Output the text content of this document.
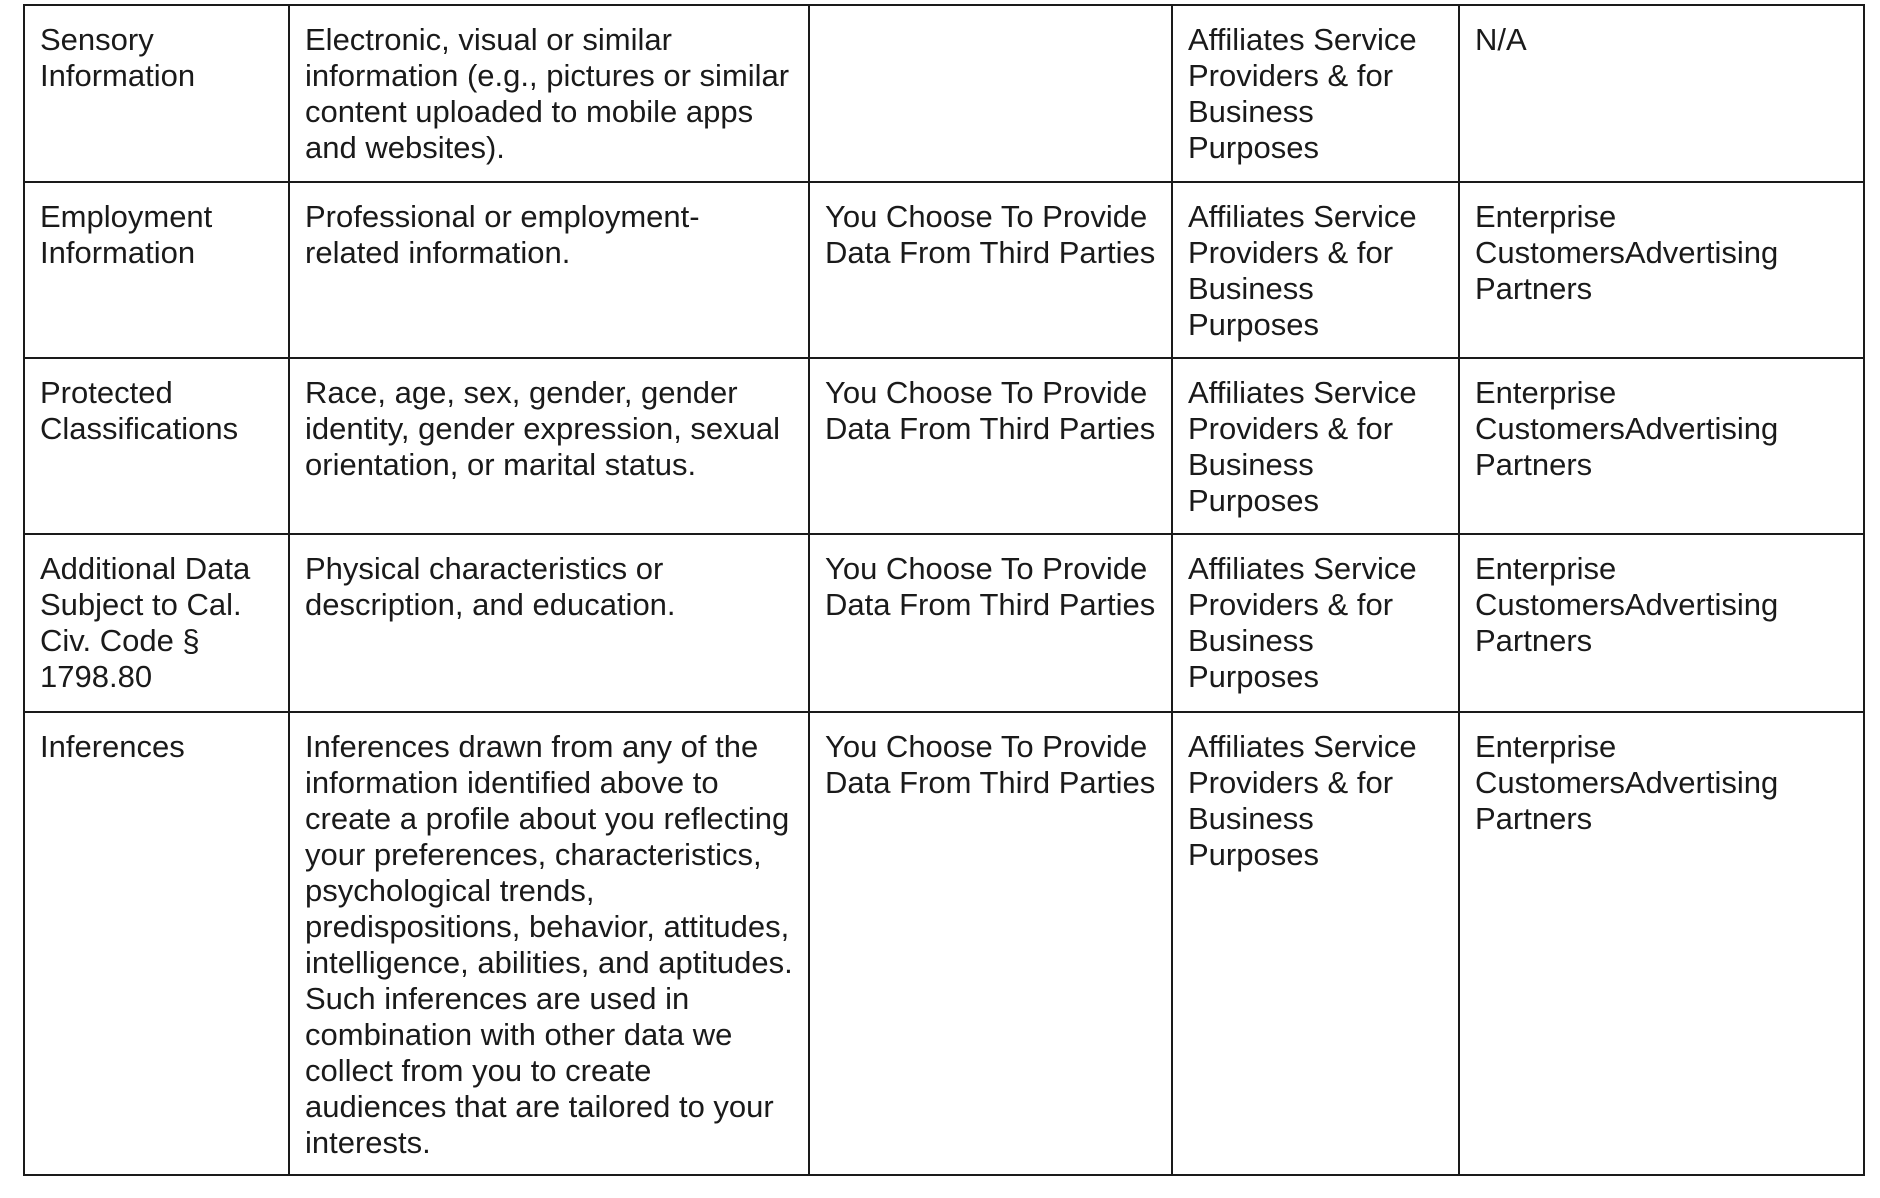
Sensory Information	Electronic, visual or similar information (e.g., pictures or similar content uploaded to mobile apps and websites).		Affiliates Service Providers & for Business Purposes	N/A

Employment Information	Professional or employment-related information.	You Choose To Provide Data From Third Parties	Affiliates Service Providers & for Business Purposes	Enterprise CustomersAdvertising Partners

Protected Classifications	Race, age, sex, gender, gender identity, gender expression, sexual orientation, or marital status.	You Choose To Provide Data From Third Parties	Affiliates Service Providers & for Business Purposes	Enterprise CustomersAdvertising Partners

Additional Data Subject to Cal. Civ. Code § 1798.80	Physical characteristics or description, and education.	You Choose To Provide Data From Third Parties	Affiliates Service Providers & for Business Purposes	Enterprise CustomersAdvertising Partners

Inferences	Inferences drawn from any of the information identified above to create a profile about you reflecting your preferences, characteristics, psychological trends, predispositions, behavior, attitudes, intelligence, abilities, and aptitudes. Such inferences are used in combination with other data we collect from you to create audiences that are tailored to your interests.	You Choose To Provide Data From Third Parties	Affiliates Service Providers & for Business Purposes	Enterprise CustomersAdvertising Partners
